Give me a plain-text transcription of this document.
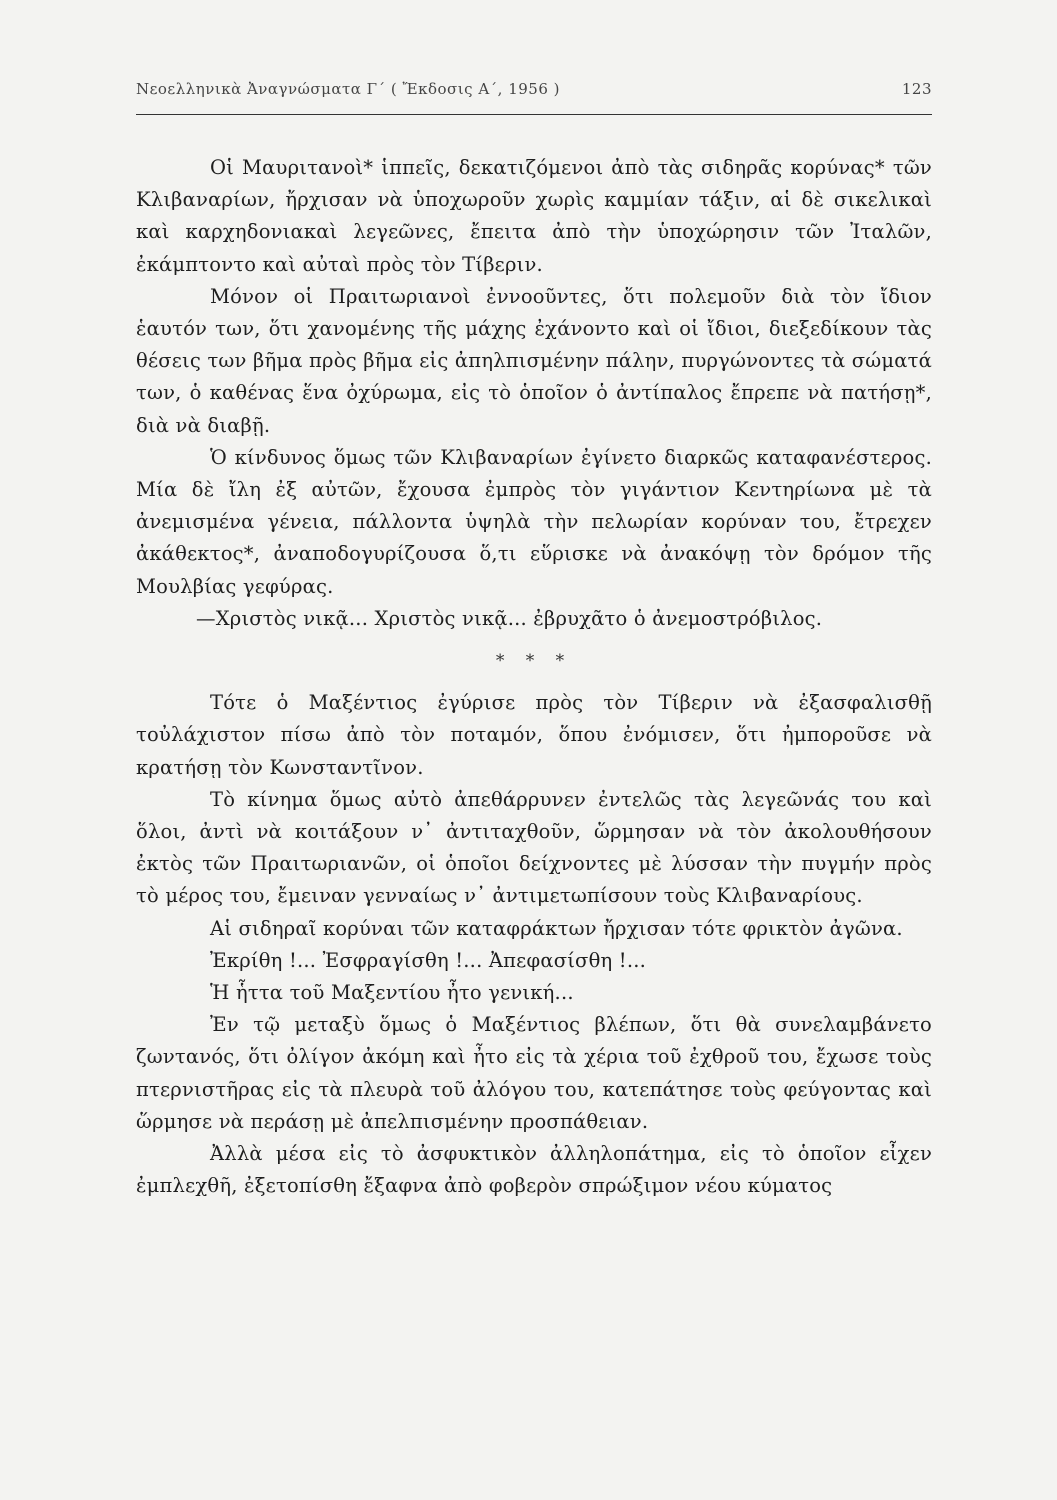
Νεοελληνικὰ Ἀναγνώσματα Γ΄ ( Ἔκδοσις Α΄, 1956 )	123

Οἱ Μαυριτανοὶ* ἱππεῖς, δεκατιζόμενοι ἀπὸ τὰς σιδηρᾶς κορύνας* τῶν Κλιβαναρίων, ἤρχισαν νὰ ὑποχωροῦν χωρὶς καμμίαν τάξιν, αἱ δὲ σικελικαὶ καὶ καρχηδονιακαὶ λεγεῶνες, ἔπειτα ἀπὸ τὴν ὑποχώρησιν τῶν Ἰταλῶν, ἐκάμπτοντο καὶ αὐταὶ πρὸς τὸν Τίβεριν.

Μόνον οἱ Πραιτωριανοὶ ἐννοοῦντες, ὅτι πολεμοῦν διὰ τὸν ἴδιον ἑαυτόν των, ὅτι χανομένης τῆς μάχης ἐχάνοντο καὶ οἱ ἴδιοι, διεξεδίκουν τὰς θέσεις των βῆμα πρὸς βῆμα εἰς ἀπηλπισμένην πάλην, πυργώνοντες τὰ σώματά των, ὁ καθένας ἕνα ὀχύρωμα, εἰς τὸ ὁποῖον ὁ ἀντίπαλος ἔπρεπε νὰ πατήσῃ*, διὰ νὰ διαβῇ.

Ὁ κίνδυνος ὅμως τῶν Κλιβαναρίων ἐγίνετο διαρκῶς καταφανέστερος. Μία δὲ ἴλη ἐξ αὐτῶν, ἔχουσα ἐμπρὸς τὸν γιγάντιον Κεντηρίωνα μὲ τὰ ἀνεμισμένα γένεια, πάλλοντα ὑψηλὰ τὴν πελωρίαν κορύναν του, ἔτρεχεν ἀκάθεκτος*, ἀναποδογυρίζουσα ὅ,τι εὕρισκε νὰ ἀνακόψῃ τὸν δρόμον τῆς Μουλβίας γεφύρας.

—Χριστὸς νικᾷ... Χριστὸς νικᾷ... ἐβρυχᾶτο ὁ ἀνεμοστρόβιλος.

* * *

Τότε ὁ Μαξέντιος ἐγύρισε πρὸς τὸν Τίβεριν νὰ ἐξασφαλισθῇ τοὐλάχιστον πίσω ἀπὸ τὸν ποταμόν, ὅπου ἐνόμισεν, ὅτι ἠμποροῦσε νὰ κρατήσῃ τὸν Κωνσταντῖνον.

Τὸ κίνημα ὅμως αὐτὸ ἀπεθάρρυνεν ἐντελῶς τὰς λεγεῶνάς του καὶ ὅλοι, ἀντὶ νὰ κοιτάξουν ν᾽ ἀντιταχθοῦν, ὥρμησαν νὰ τὸν ἀκολουθήσουν ἐκτὸς τῶν Πραιτωριανῶν, οἱ ὁποῖοι δείχνοντες μὲ λύσσαν τὴν πυγμήν πρὸς τὸ μέρος του, ἔμειναν γενναίως ν᾽ ἀντιμετωπίσουν τοὺς Κλιβαναρίους.

Αἱ σιδηραῖ κορύναι τῶν καταφράκτων ἤρχισαν τότε φρικτὸν ἀγῶνα.

Ἐκρίθη !... Ἐσφραγίσθη !... Ἀπεφασίσθη !...

Ἡ ἧττα τοῦ Μαξεντίου ἦτο γενική...

Ἐν τῷ μεταξὺ ὅμως ὁ Μαξέντιος βλέπων, ὅτι θὰ συνελαμβάνετο ζωντανός, ὅτι ὀλίγον ἀκόμη καὶ ἦτο εἰς τὰ χέρια τοῦ ἐχθροῦ του, ἔχωσε τοὺς πτερνιστῆρας εἰς τὰ πλευρὰ τοῦ ἀλόγου του, κατεπάτησε τοὺς φεύγοντας καὶ ὥρμησε νὰ περάσῃ μὲ ἀπελπισμένην προσπάθειαν.

Ἀλλὰ μέσα εἰς τὸ ἀσφυκτικὸν ἀλληλοπάτημα, εἰς τὸ ὁποῖον εἶχεν ἐμπλεχθῆ, ἐξετοπίσθη ἔξαφνα ἀπὸ φοβερὸν σπρώξιμον νέου κύματος
